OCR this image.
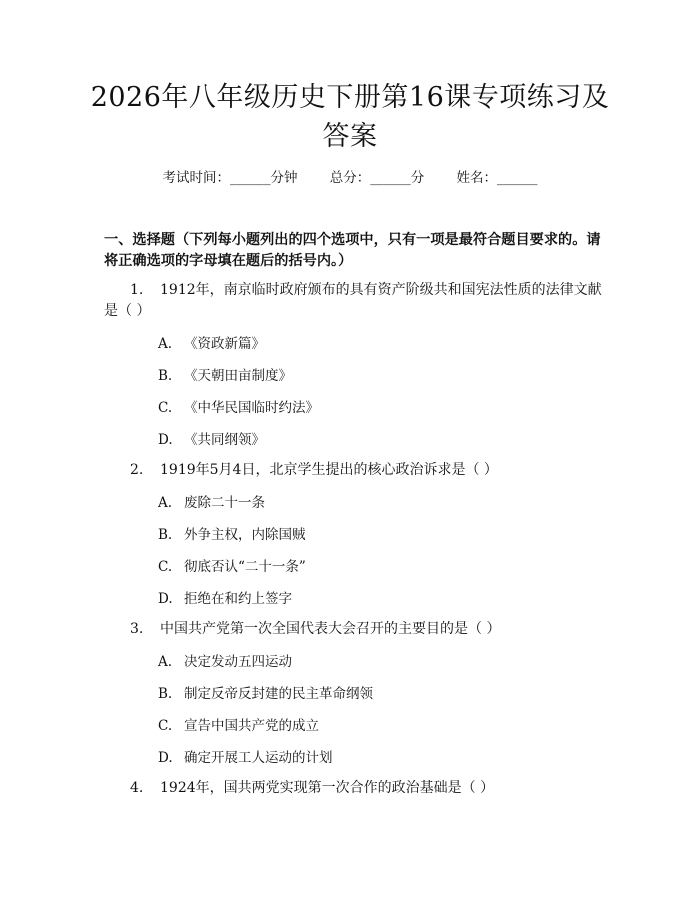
2026年八年级历史下册第16课专项练习及答案
考试时间：______分钟 总分：______分 姓名：______

一、选择题（下列每小题列出的四个选项中，只有一项是最符合题目要求的。请将正确选项的字母填在题后的括号内。）

1. 1912年，南京临时政府颁布的具有资产阶级共和国宪法性质的法律文献是（ ）
A. 《资政新篇》
B. 《天朝田亩制度》
C. 《中华民国临时约法》
D. 《共同纲领》
2. 1919年5月4日，北京学生提出的核心政治诉求是（ ）
A. 废除二十一条
B. 外争主权，内除国贼
C. 彻底否认“二十一条”
D. 拒绝在和约上签字
3. 中国共产党第一次全国代表大会召开的主要目的是（ ）
A. 决定发动五四运动
B. 制定反帝反封建的民主革命纲领
C. 宣告中国共产党的成立
D. 确定开展工人运动的计划
4. 1924年，国共两党实现第一次合作的政治基础是（ ）
